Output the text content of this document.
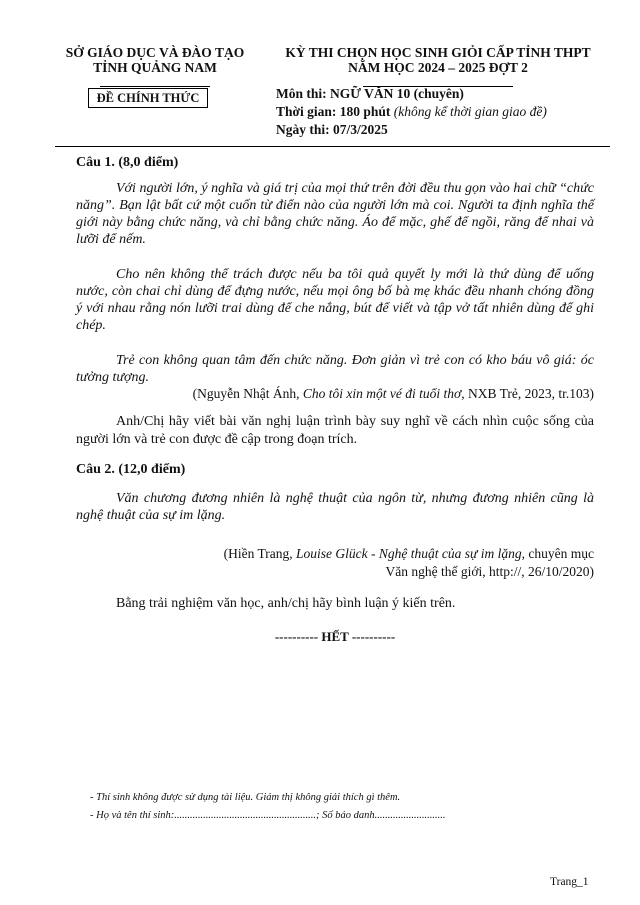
SỞ GIÁO DỤC VÀ ĐÀO TẠO
TỈNH QUẢNG NAM
ĐỀ CHÍNH THỨC
KỲ THI CHỌN HỌC SINH GIỎI CẤP TỈNH THPT
NĂM HỌC 2024 – 2025 ĐỢT 2
Môn thi: NGỮ VĂN 10 (chuyên)
Thời gian: 180 phút (không kể thời gian giao đề)
Ngày thi: 07/3/2025
Câu 1. (8,0 điểm)
Với người lớn, ý nghĩa và giá trị của mọi thứ trên đời đều thu gọn vào hai chữ “chức năng”. Bạn lật bất cứ một cuốn từ điển nào của người lớn mà coi. Người ta định nghĩa thế giới này bằng chức năng, và chỉ bằng chức năng. Áo để mặc, ghế để ngồi, răng để nhai và lưỡi để nếm.
Cho nên không thể trách được nếu ba tôi quả quyết ly mới là thứ dùng để uống nước, còn chai chỉ dùng để đựng nước, nếu mọi ông bố bà mẹ khác đều nhanh chóng đồng ý với nhau rằng nón lưỡi trai dùng để che nắng, bút để viết và tập vở tất nhiên dùng để ghi chép.
Trẻ con không quan tâm đến chức năng. Đơn giản vì trẻ con có kho báu vô giá: óc tưởng tượng.
(Nguyễn Nhật Ánh, Cho tôi xin một vé đi tuổi thơ, NXB Trẻ, 2023, tr.103)
Anh/Chị hãy viết bài văn nghị luận trình bày suy nghĩ về cách nhìn cuộc sống của người lớn và trẻ con được đề cập trong đoạn trích.
Câu 2. (12,0 điểm)
Văn chương đương nhiên là nghệ thuật của ngôn từ, nhưng đương nhiên cũng là nghệ thuật của sự im lặng.
(Hiền Trang, Louise Glück - Nghệ thuật của sự im lặng, chuyên mục
Văn nghệ thế giới, http://, 26/10/2020)
Bằng trải nghiệm văn học, anh/chị hãy bình luận ý kiến trên.
---------- HẾT ----------
- Thí sinh không được sử dụng tài liệu. Giám thị không giải thích gì thêm.
- Họ và tên thí sinh:......................................................; Số báo danh...........................
Trang_1
